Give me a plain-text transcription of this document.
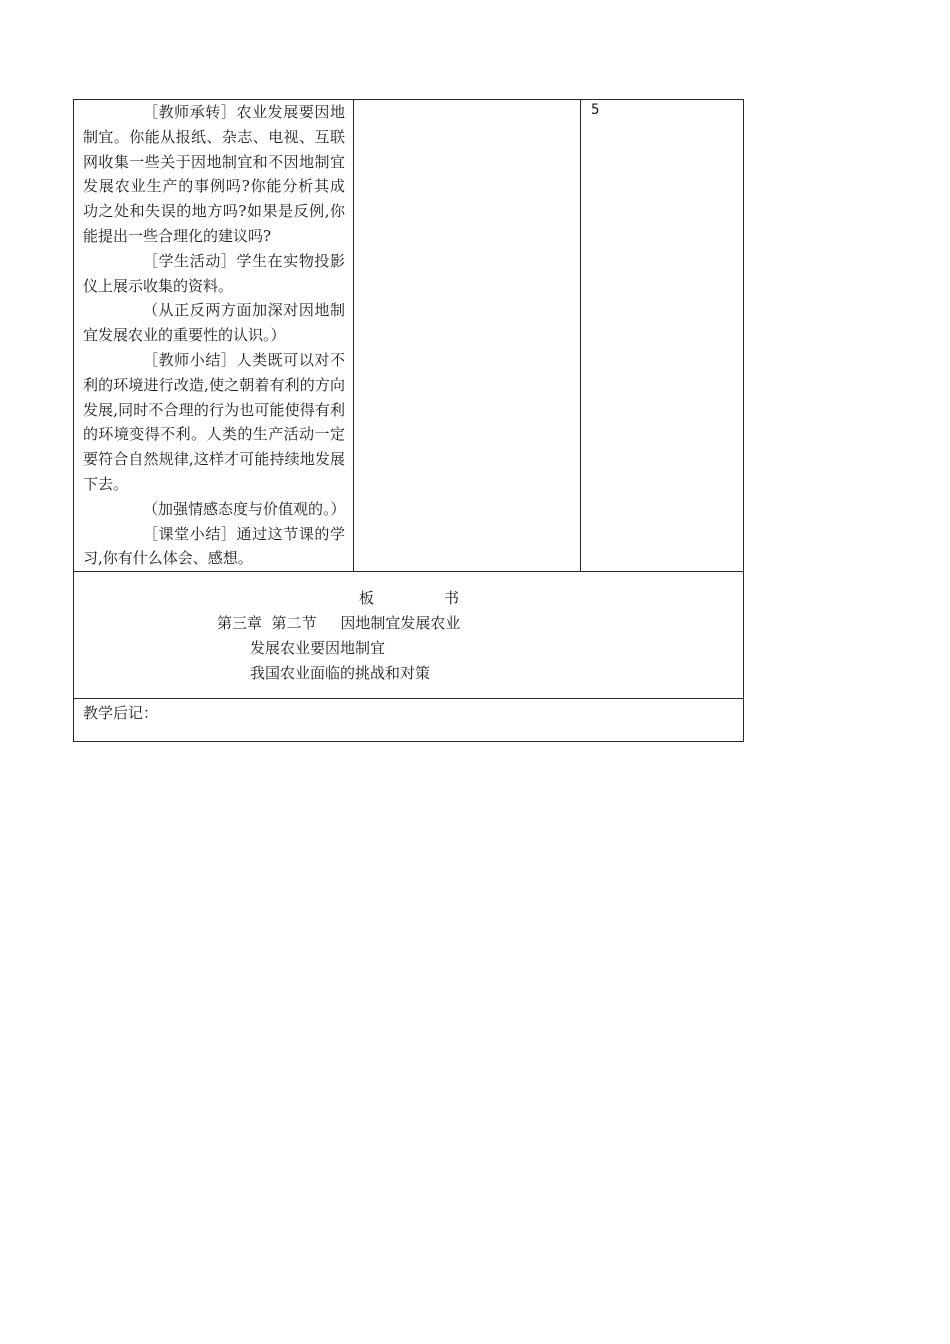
［教师承转］农业发展要因地制宜。你能从报纸、杂志、电视、互联网收集一些关于因地制宜和不因地制宜发展农业生产的事例吗?你能分析其成功之处和失误的地方吗?如果是反例,你能提出一些合理化的建议吗?

［学生活动］学生在实物投影仪上展示收集的资料。

（从正反两方面加深对因地制宜发展农业的重要性的认识。）

［教师小结］人类既可以对不利的环境进行改造,使之朝着有利的方向发展,同时不合理的行为也可能使得有利的环境变得不利。人类的生产活动一定要符合自然规律,这样才可能持续地发展下去。

（加强情感态度与价值观的。）

［课堂小结］通过这节课的学习,你有什么体会、感想。

5

板书
第三章  第二节     因地制宜发展农业
发展农业要因地制宜
我国农业面临的挑战和对策

教学后记：
